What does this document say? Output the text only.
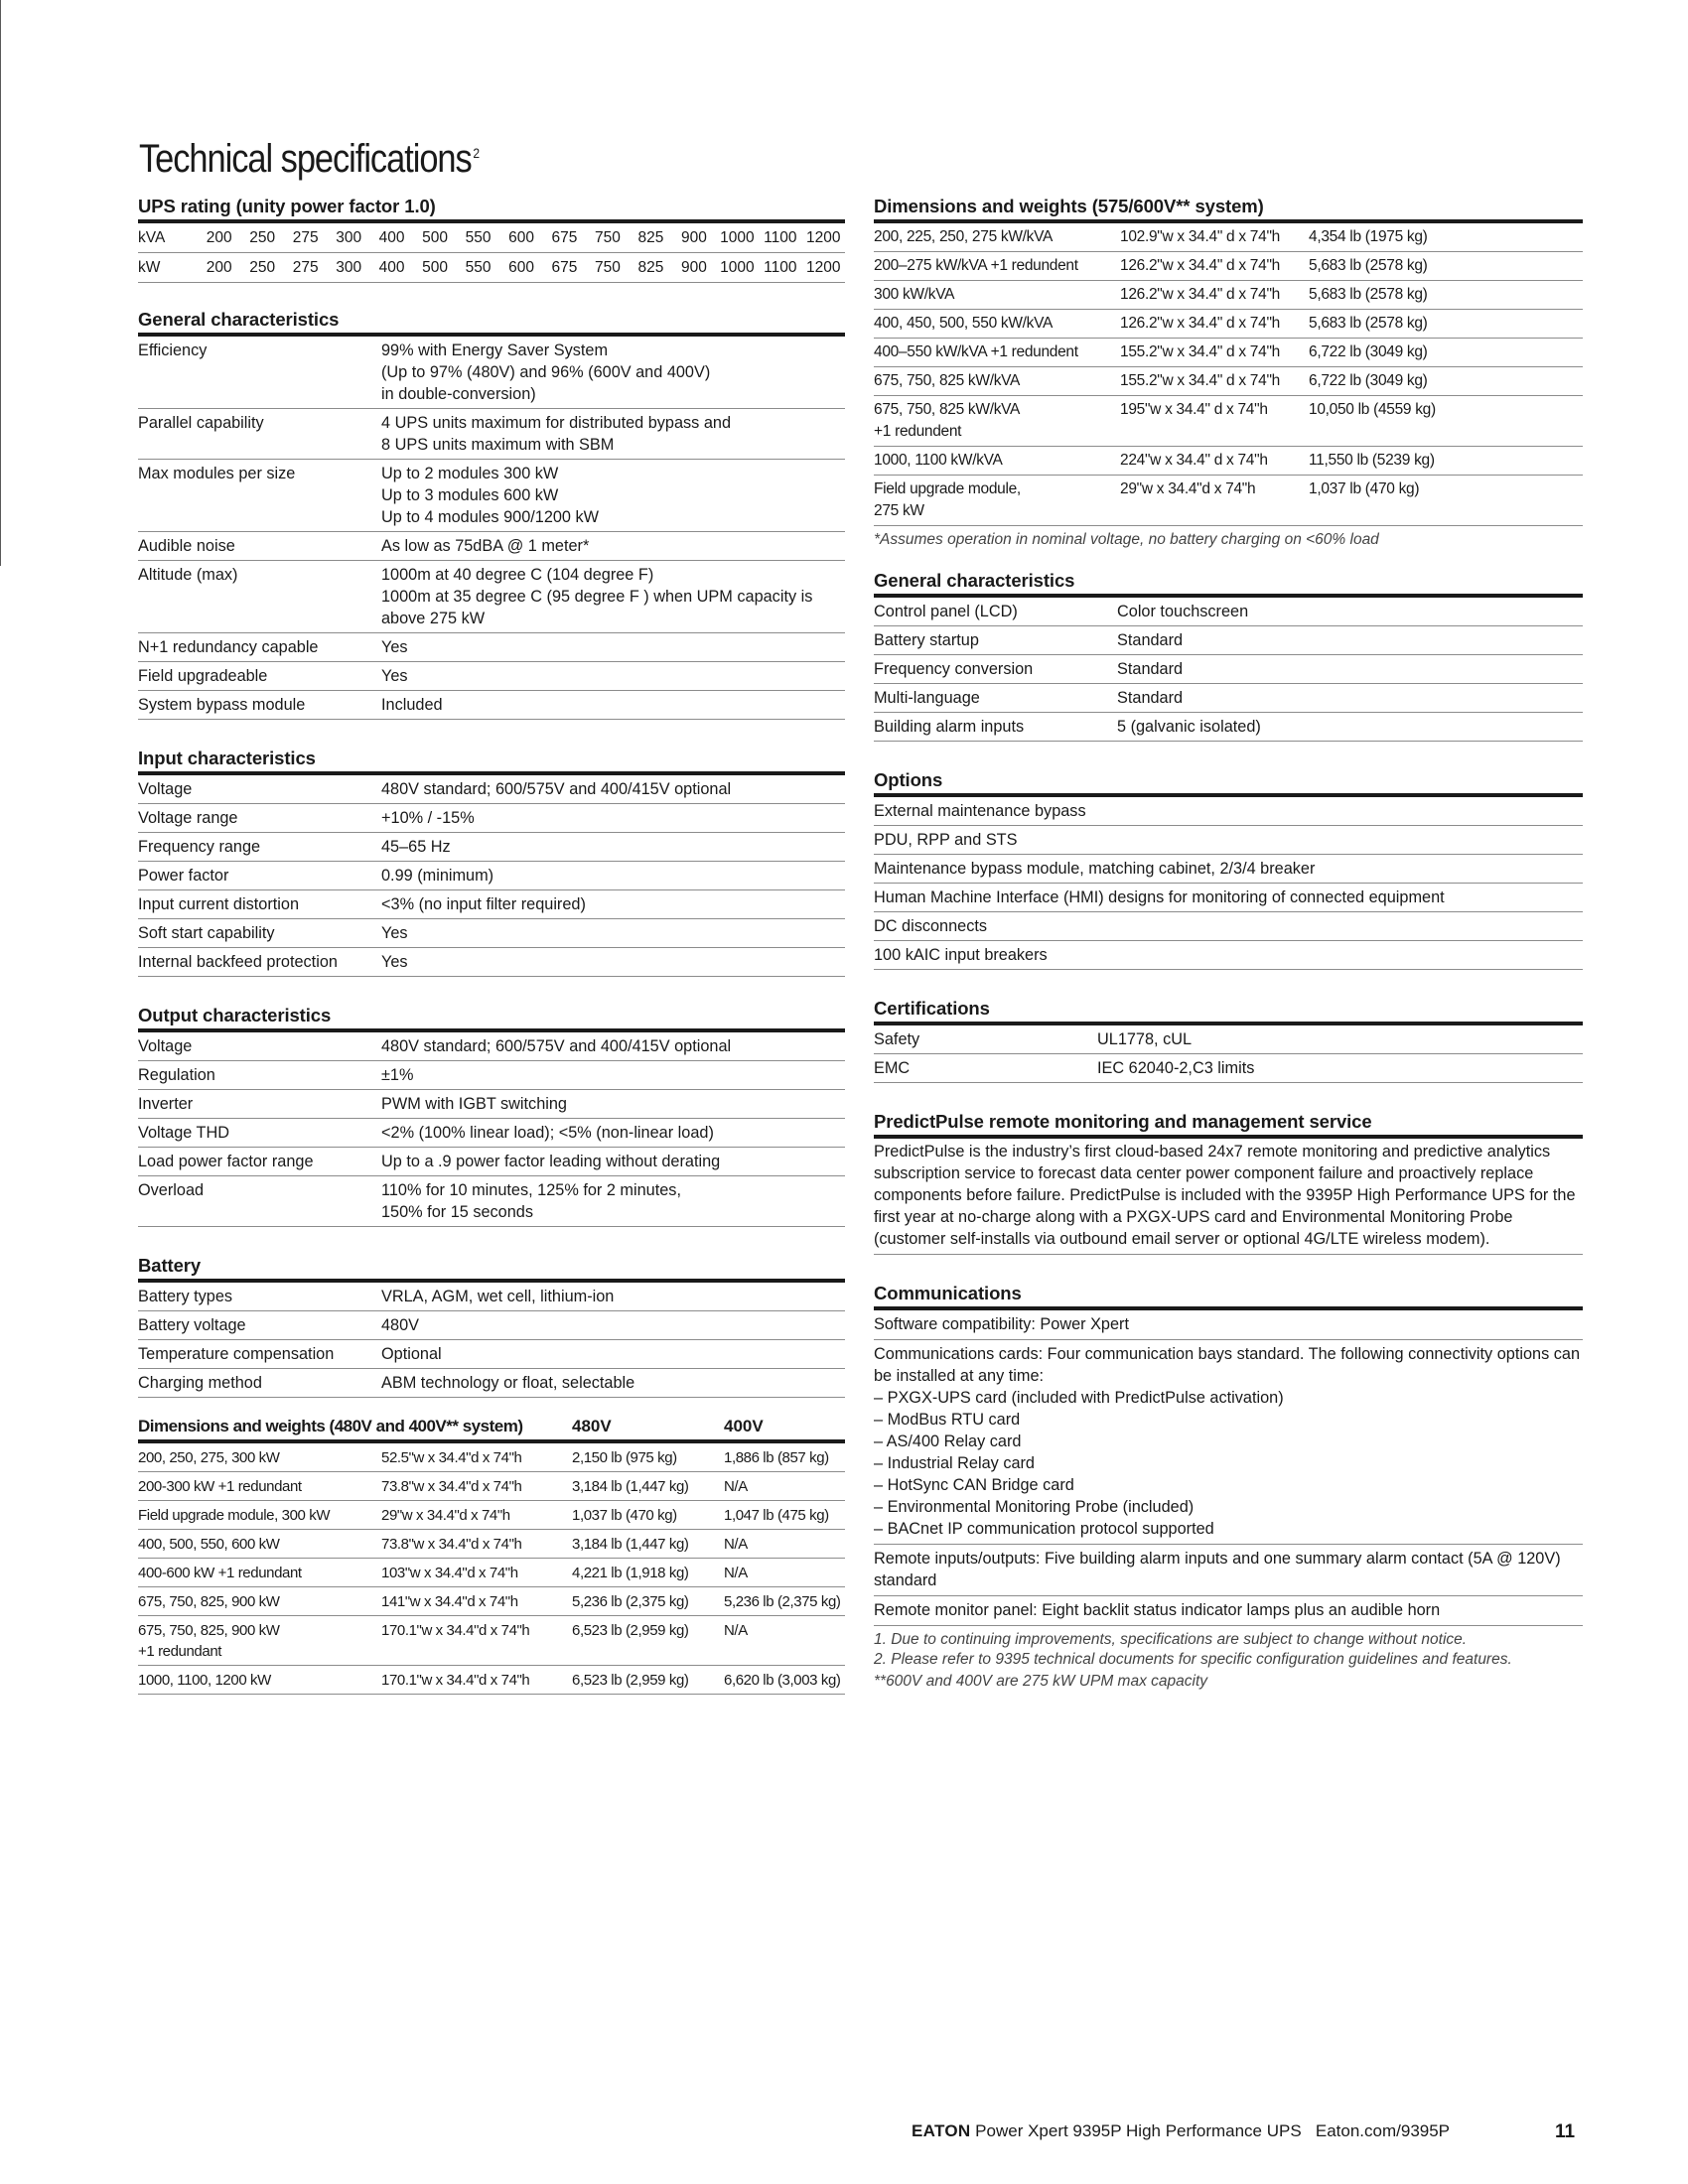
Technical specifications $^2$
UPS rating (unity power factor 1.0)
kVA	200	250	275	300	400	500	550	600	675	750	825	900 1000 1100 1200
kW	200	250	275	300	400	500	550	600	675	750	825	900 1000 1100 1200
General characteristics
Efficiency	99% with Energy Saver System
(Up to 97% (480V) and 96% (600V and 400V)
in double-conversion)
Parallel capability	4 UPS units maximum for distributed bypass and
8 UPS units maximum with SBM
Max modules per size	Up to 2 modules 300 kW
Up to 3 modules 600 kW
Up to 4 modules 900/1200 kW
Audible noise	As low as 75dBA @ 1 meter*
Altitude (max)	1000m at 40 degree C (104 degree F)
1000m at 35 degree C (95 degree F ) when UPM capacity is
above 275 kW
N+1 redundancy capable	Yes
Field upgradeable	Yes
System bypass module	Included
Input characteristics
Voltage	480V standard; 600/575V and 400/415V optional
Voltage range	+10% / -15%
Frequency range	45–65 Hz
Power factor	0.99 (minimum)
Input current distortion	<3% (no input filter required)
Soft start capability	Yes
Internal backfeed protection	Yes
Output characteristics
Voltage	480V standard; 600/575V and 400/415V optional
Regulation	±1%
Inverter	PWM with IGBT switching
Voltage THD	<2% (100% linear load); <5% (non-linear load)
Load power factor range	Up to a .9 power factor leading without derating
Overload	110% for 10 minutes, 125% for 2 minutes,
150% for 15 seconds
Battery
Battery types	VRLA, AGM, wet cell, lithium-ion
Battery voltage	480V
Temperature compensation	Optional
Charging method	ABM technology or float, selectable
Dimensions and weights (480V and 400V** system)	480V	400V
200, 250, 275, 300 kW	52.5"w x 34.4"d x 74"h	2,150 lb (975 kg)	1,886 lb (857 kg)
200-300 kW +1 redundant	73.8"w x 34.4"d x 74"h	3,184 lb (1,447 kg)	N/A
Field upgrade module, 300 kW	29"w x 34.4"d x 74"h	1,037 lb (470 kg)	1,047 lb (475 kg)
400, 500, 550, 600 kW	73.8"w x 34.4"d x 74"h	3,184 lb (1,447 kg)	N/A
400-600 kW +1 redundant	103"w x 34.4"d x 74"h	4,221 lb (1,918 kg)	N/A
675, 750, 825, 900 kW	141"w x 34.4"d x 74"h	5,236 lb (2,375 kg)	5,236 lb (2,375 kg)
675, 750, 825, 900 kW
+1 redundant
170.1"w x 34.4"d x 74"h	6,523 lb (2,959 kg)	N/A
1000, 1100, 1200 kW	170.1"w x 34.4"d x 74"h	6,523 lb (2,959 kg)	6,620 lb (3,003 kg)
Dimensions and weights (575/600V** system)
200, 225, 250, 275 kW/kVA	102.9"w x 34.4" d x 74"h	4,354 lb (1975 kg)
200–275 kW/kVA +1 redundent	126.2"w x 34.4" d x 74"h	5,683 lb (2578 kg)
300 kW/kVA	126.2"w x 34.4" d x 74"h	5,683 lb (2578 kg)
400, 450, 500, 550 kW/kVA	126.2"w x 34.4" d x 74"h	5,683 lb (2578 kg)
400–550 kW/kVA +1 redundent	155.2"w x 34.4" d x 74"h	6,722 lb (3049 kg)
675, 750, 825 kW/kVA	155.2"w x 34.4" d x 74"h	6,722 lb (3049 kg)
675, 750, 825 kW/kVA
+1 redundent
195"w x 34.4" d x 74"h	10,050 lb (4559 kg)
1000, 1100 kW/kVA	224"w x 34.4" d x 74"h	11,550 lb (5239 kg)
Field upgrade module,
275 kW
29"w x 34.4"d x 74"h	1,037 lb (470 kg)
*Assumes operation in nominal voltage, no battery charging on <60% load
General characteristics
Control panel (LCD)	Color touchscreen
Battery startup	Standard
Frequency conversion	Standard
Multi-language	Standard
Building alarm inputs	5 (galvanic isolated)
Options
External maintenance bypass
PDU, RPP and STS
Maintenance bypass module, matching cabinet, 2/3/4 breaker
Human Machine Interface (HMI) designs for monitoring of connected equipment
DC disconnects
100 kAIC input breakers
Certifications
Safety	UL1778, cUL
EMC	IEC 62040-2,C3 limits
PredictPulse remote monitoring and management service
PredictPulse is the industry’s first cloud-based 24x7 remote monitoring and predictive analytics subscription service to forecast data center power component failure and proactively replace components before failure. PredictPulse is included with the 9395P High Performance UPS for the first year at no-charge along with a PXGX-UPS card and Environmental Monitoring Probe (customer self-installs via outbound email server or optional 4G/LTE wireless modem).
Communications
Software compatibility: Power Xpert
Communications cards: Four communication bays standard. The following connectivity options can be installed at any time:
– PXGX-UPS card (included with PredictPulse activation)
– ModBus RTU card
– AS/400 Relay card
– Industrial Relay card
– HotSync CAN Bridge card
– Environmental Monitoring Probe (included)
– BACnet IP communication protocol supported
Remote inputs/outputs: Five building alarm inputs and one summary alarm contact (5A @ 120V) standard
Remote monitor panel: Eight backlit status indicator lamps plus an audible horn
1. Due to continuing improvements, specifications are subject to change without notice.
2. Please refer to 9395 technical documents for specific configuration guidelines and features.
**600V and 400V are 275 kW UPM max capacity
EATON Power Xpert 9395P High Performance UPS Eaton.com/9395P	11
